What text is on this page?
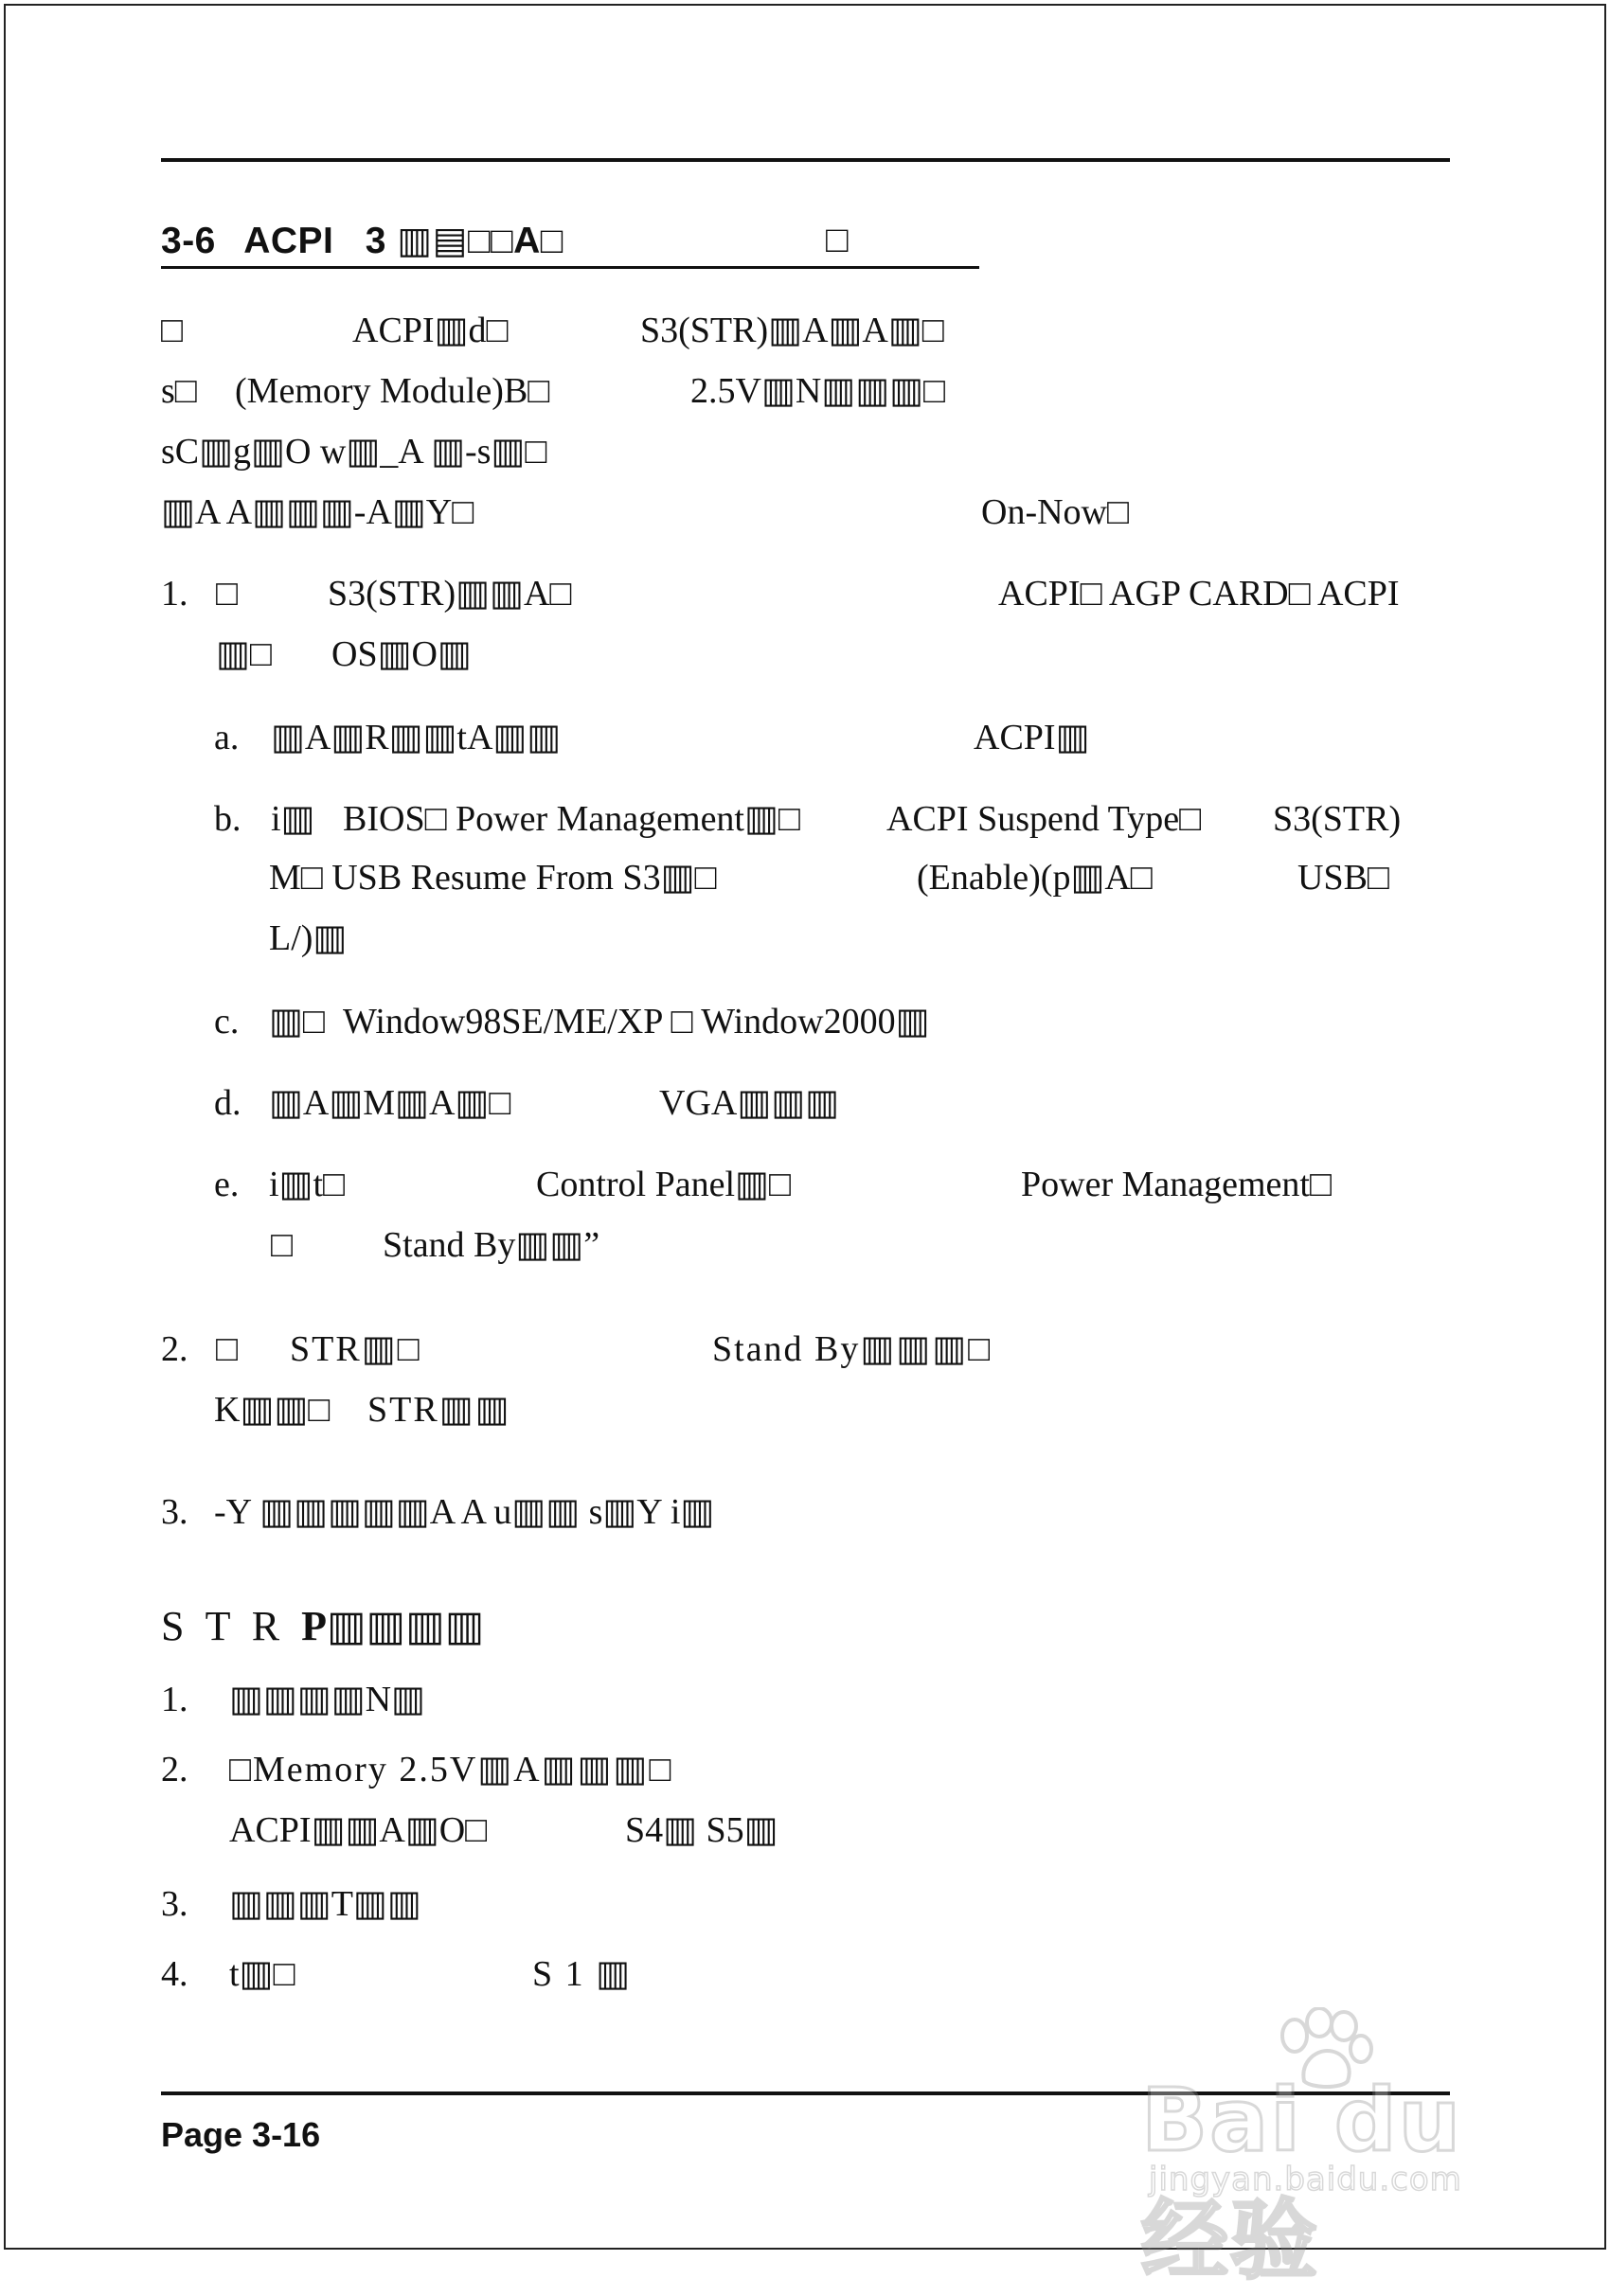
3-6 ACPI 3 ▥▤□□A□	□
□	ACPI▥d□	S3(STR)▥A▥A▥□
s□ (Memory Module)B□	2.5V▥N▥▥▥□
sC▥g▥O w▥_A ▥-s▥□
▥A A▥▥▥-A▥Y□	On-Now□
1. □	S3(STR)▥▥A□	ACPI□ AGP CARD□ ACPI
▥□ OS▥O▥
a. ▥A▥R▥▥tA▥▥	ACPI▥
b. i▥ BIOS□ Power Management▥□ ACPI Suspend Type□ S3(STR)
M□ USB Resume From S3▥□	(Enable)(p▥A□	USB□
L/)▥
c. ▥□ Window98SE/ME/XP □ Window2000▥
d. ▥A▥M▥A▥□	VGA▥▥▥
e. i▥t□	Control Panel▥□	Power Management□
□	Stand By▥▥”
2. □ STR▥□	Stand By▥▥▥□
K▥▥□ STR▥▥
3. -Y ▥▥▥▥▥A A u▥▥ s▥Y i▥
S T R P▥▥▥▥
1. ▥▥▥▥N▥
2. □Memory 2.5V▥A▥▥▥□
ACPI▥▥A▥O□	S4▥ S5▥
3. ▥▥▥T▥▥
4. t▥□	S 1 ▥
Page 3-16	Bai du 经验
jingyan.baidu.com
